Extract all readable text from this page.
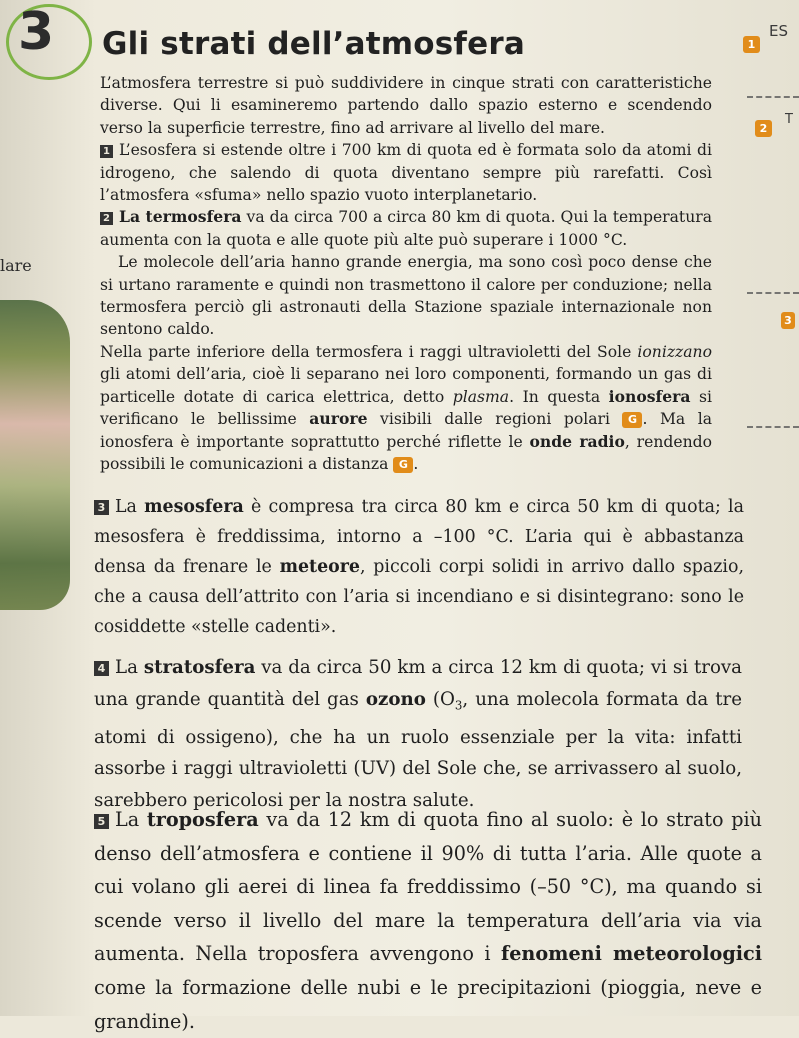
lare
3 Gli strati dell’atmosfera	1
ES
2
T
3

L’atmosfera terrestre si può suddividere in cinque strati con caratteristiche diverse. Qui li esamineremo partendo dallo spazio esterno e scendendo verso la superficie terrestre, fino ad arrivare al livello del mare.

1 L’esosfera si estende oltre i 700 km di quota ed è formata solo da atomi di idrogeno, che salendo di quota diventano sempre più rarefatti. Così l’atmosfera «sfuma» nello spazio vuoto interplanetario.

2 La termosfera va da circa 700 a circa 80 km di quota. Qui la temperatura aumenta con la quota e alle quote più alte può superare i 1000 °C.

Le molecole dell’aria hanno grande energia, ma sono così poco dense che si urtano raramente e quindi non trasmettono il calore per conduzione; nella termosfera perciò gli astronauti della Stazione spaziale internazionale non sentono caldo.

Nella parte inferiore della termosfera i raggi ultravioletti del Sole ionizzano gli atomi dell’aria, cioè li separano nei loro componenti, formando un gas di particelle dotate di carica elettrica, detto plasma. In questa ionosfera si verificano le bellissime aurore visibili dalle regioni polari G . Ma la ionosfera è importante soprattutto perché riflette le onde radio, rendendo possibili le comunicazioni a distanza G .

3 La mesosfera è compresa tra circa 80 km e circa 50 km di quota; la mesosfera è freddissima, intorno a –100 °C. L’aria qui è abbastanza densa da frenare le meteore, piccoli corpi solidi in arrivo dallo spazio, che a causa dell’attrito con l’aria si incendiano e si disintegrano: sono le cosiddette «stelle cadenti».

4 La stratosfera va da circa 50 km a circa 12 km di quota; vi si trova una grande quantità del gas ozono ($O_3$, una molecola formata da tre atomi di ossigeno), che ha un ruolo essenziale per la vita: infatti assorbe i raggi ultravioletti (UV) del Sole che, se arrivassero al suolo, sarebbero pericolosi per la nostra salute.

5 La troposfera va da 12 km di quota fino al suolo: è lo strato più denso dell’atmosfera e contiene il 90% di tutta l’aria. Alle quote a cui volano gli aerei di linea fa freddissimo (–50 °C), ma quando si scende verso il livello del mare la temperatura dell’aria via via aumenta. Nella troposfera avvengono i fenomeni meteorologici come la formazione delle nubi e le precipitazioni (pioggia, neve e grandine).
